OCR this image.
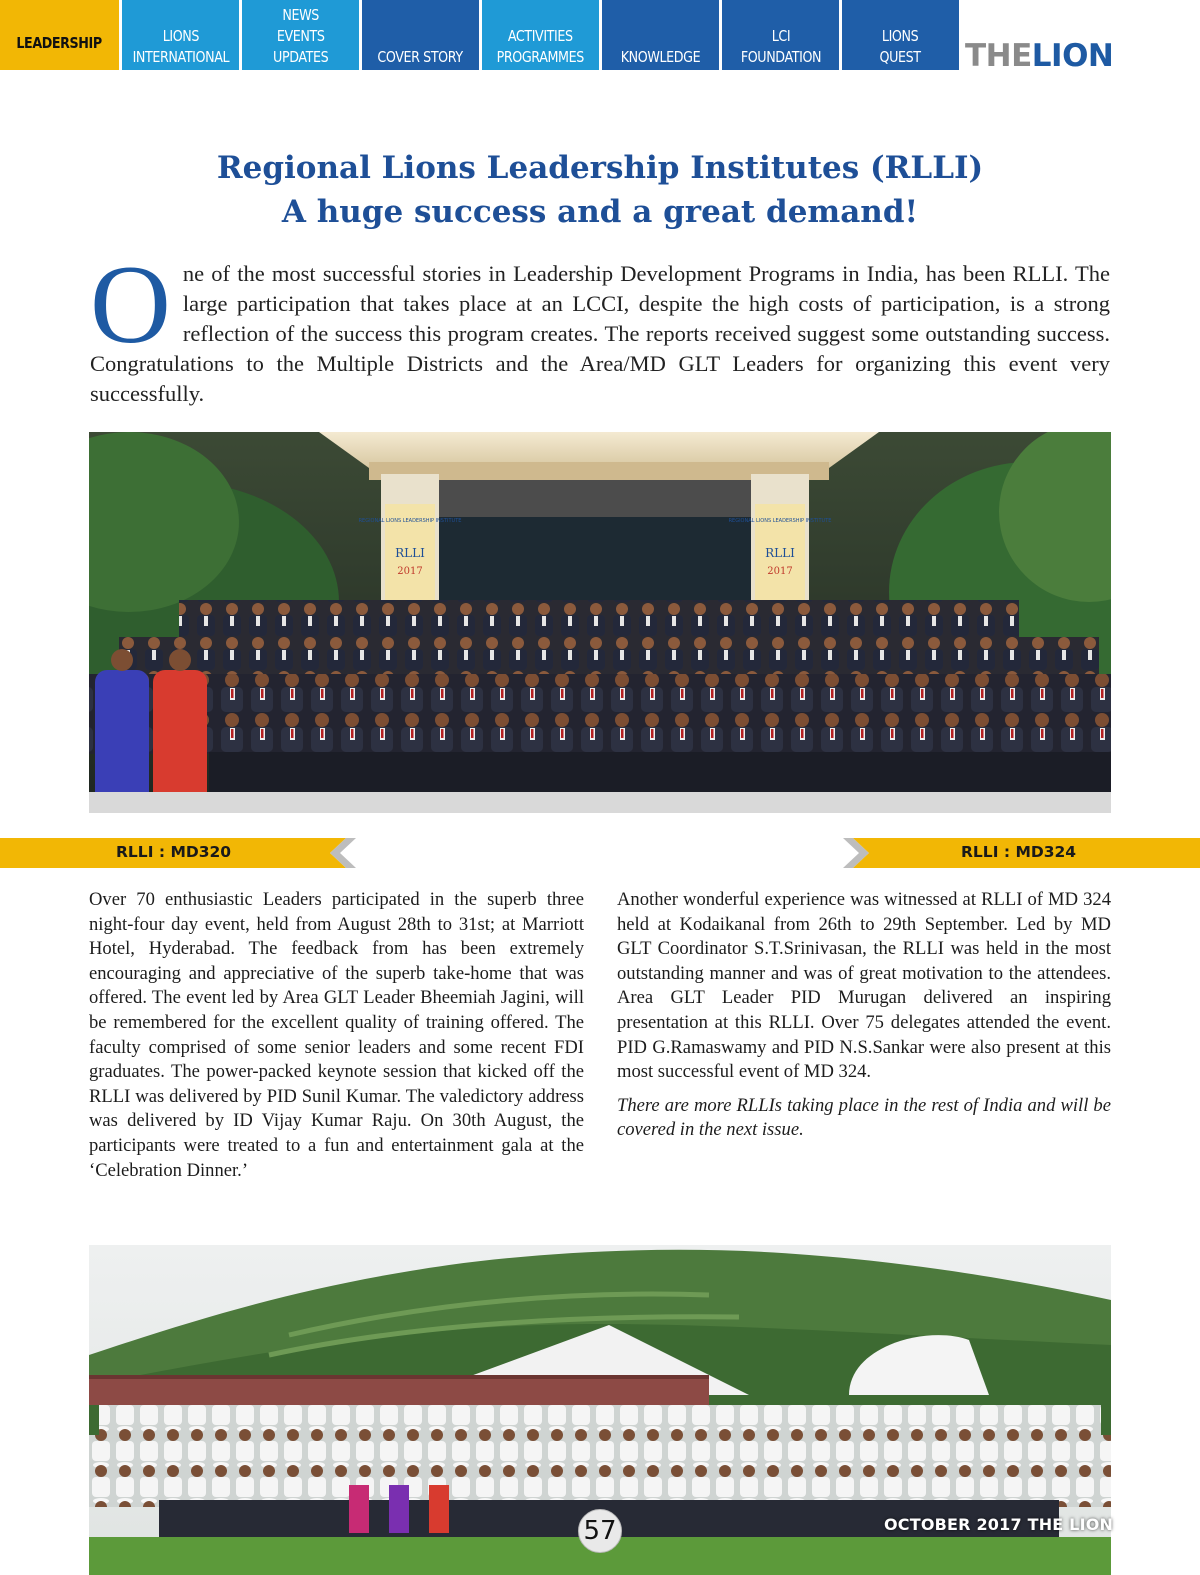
LEADERSHIP	LIONS
INTERNATIONAL
NEWS
EVENTS
UPDATES	COVER STORY
ACTIVITIES
PROGRAMMES KNOWLEDGE
LCI
FOUNDATION
LIONS
QUEST THELION
Regional Lions Leadership Institutes (RLLI)
A huge success and a great demand!
One of the most successful stories in Leadership Development Programs in India, has been RLLI. The large participation that takes place at an LCCI, despite the high costs of participation, is a strong reflection of the success this program creates. The reports received suggest some outstanding success. Congratulations to the Multiple Districts and the Area/MD GLT Leaders for organizing this event very successfully.
REGIONAL LIONS LEADERSHIP INSTITUTE
RLLI
2017
REGIONAL LIONS LEADERSHIP INSTITUTE
RLLI
2017
RLLI : MD320	RLLI : MD324
Over 70 enthusiastic Leaders participated in the superb three night-four day event, held from August 28th to 31st; at Marriott Hotel, Hyderabad. The feedback from has been extremely encouraging and appreciative of the superb take-home that was offered. The event led by Area GLT Leader Bheemiah Jagini, will be remembered for the excellent quality of training offered. The faculty comprised of some senior leaders and some recent FDI graduates. The power-packed keynote session that kicked off the RLLI was delivered by PID Sunil Kumar. The valedictory address was delivered by ID Vijay Kumar Raju. On 30th August, the participants were treated to a fun and entertainment gala at the ‘Celebration Dinner.’
Another wonderful experience was witnessed at RLLI of MD 324 held at Kodaikanal from 26th to 29th September. Led by MD GLT Coordinator S.T.Srinivasan, the RLLI was held in the most outstanding manner and was of great motivation to the attendees. Area GLT Leader PID Murugan delivered an inspiring presentation at this RLLI. Over 75 delegates attended the event. PID G.Ramaswamy and PID N.S.Sankar were also present at this most successful event of MD 324.
There are more RLLIs taking place in the rest of India and will be covered in the next issue.
57	OCTOBER 2017 THE LION
